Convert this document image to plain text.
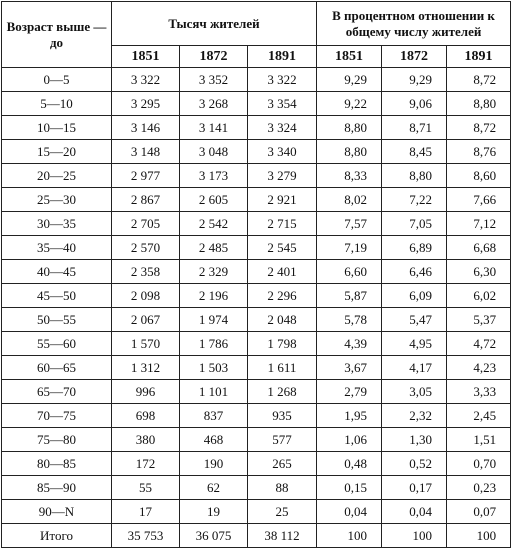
Возраст выше — до	Тысяч жителей			В процентном отношении к общему числу жителей		
	1851	1872	1891	1851	1872	1891
0—5	3 322	3 352	3 322	9,29	9,29	8,72
5—10	3 295	3 268	3 354	9,22	9,06	8,80
10—15	3 146	3 141	3 324	8,80	8,71	8,72
15—20	3 148	3 048	3 340	8,80	8,45	8,76
20—25	2 977	3 173	3 279	8,33	8,80	8,60
25—30	2 867	2 605	2 921	8,02	7,22	7,66
30—35	2 705	2 542	2 715	7,57	7,05	7,12
35—40	2 570	2 485	2 545	7,19	6,89	6,68
40—45	2 358	2 329	2 401	6,60	6,46	6,30
45—50	2 098	2 196	2 296	5,87	6,09	6,02
50—55	2 067	1 974	2 048	5,78	5,47	5,37
55—60	1 570	1 786	1 798	4,39	4,95	4,72
60—65	1 312	1 503	1 611	3,67	4,17	4,23
65—70	996	1 101	1 268	2,79	3,05	3,33
70—75	698	837	935	1,95	2,32	2,45
75—80	380	468	577	1,06	1,30	1,51
80—85	172	190	265	0,48	0,52	0,70
85—90	55	62	88	0,15	0,17	0,23
90—N	17	19	25	0,04	0,04	0,07
Итого	35 753	36 075	38 112	100	100	100
